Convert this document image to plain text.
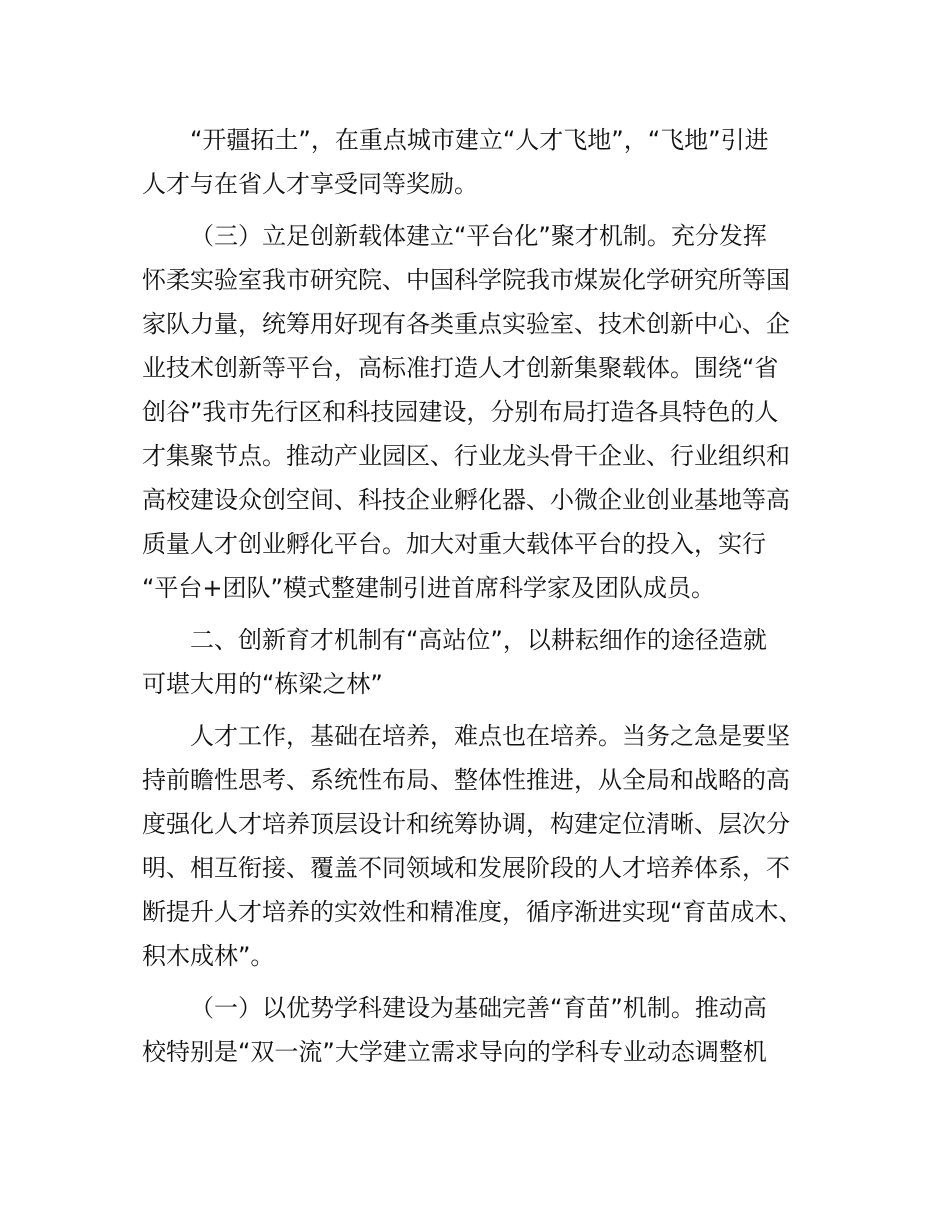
“开疆拓土”，在重点城市建立“人才飞地”，“飞地”引进
人才与在省人才享受同等奖励。
（三）立足创新载体建立“平台化”聚才机制。充分发挥
怀柔实验室我市研究院、中国科学院我市煤炭化学研究所等国
家队力量，统筹用好现有各类重点实验室、技术创新中心、企
业技术创新等平台，高标准打造人才创新集聚载体。围绕“省
创谷”我市先行区和科技园建设，分别布局打造各具特色的人
才集聚节点。推动产业园区、行业龙头骨干企业、行业组织和
高校建设众创空间、科技企业孵化器、小微企业创业基地等高
质量人才创业孵化平台。加大对重大载体平台的投入，实行
“平台+团队”模式整建制引进首席科学家及团队成员。
二、创新育才机制有“高站位”，以耕耘细作的途径造就
可堪大用的“栋梁之林”
人才工作，基础在培养，难点也在培养。当务之急是要坚
持前瞻性思考、系统性布局、整体性推进，从全局和战略的高
度强化人才培养顶层设计和统筹协调，构建定位清晰、层次分
明、相互衔接、覆盖不同领域和发展阶段的人才培养体系，不
断提升人才培养的实效性和精准度，循序渐进实现“育苗成木、
积木成林”。
（一）以优势学科建设为基础完善“育苗”机制。推动高
校特别是“双一流”大学建立需求导向的学科专业动态调整机
